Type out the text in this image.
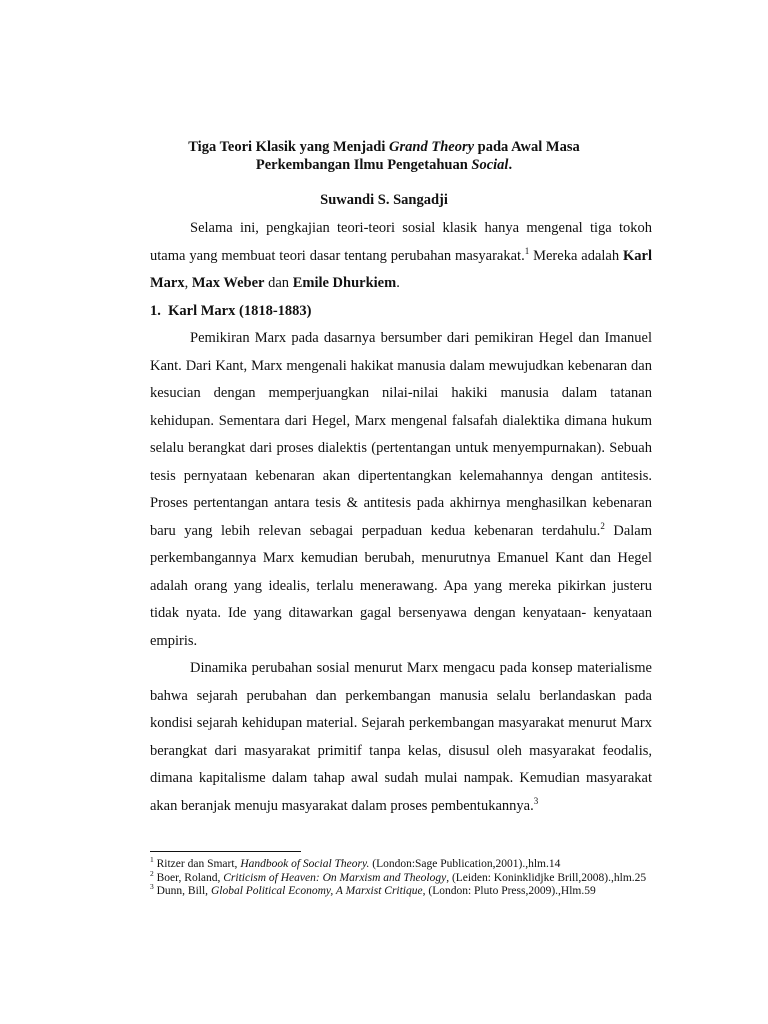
Tiga Teori Klasik yang Menjadi Grand Theory pada Awal Masa
Perkembangan Ilmu Pengetahuan Social.
Suwandi S. Sangadji

Selama ini, pengkajian teori-teori sosial klasik hanya mengenal tiga tokoh utama yang membuat teori dasar tentang perubahan masyarakat.$^1$ Mereka adalah Karl Marx, Max Weber dan Emile Dhurkiem.

1. Karl Marx (1818-1883)

Pemikiran Marx pada dasarnya bersumber dari pemikiran Hegel dan Imanuel Kant. Dari Kant, Marx mengenali hakikat manusia dalam mewujudkan kebenaran dan kesucian dengan memperjuangkan nilai-nilai hakiki manusia dalam tatanan kehidupan. Sementara dari Hegel, Marx mengenal falsafah dialektika dimana hukum selalu berangkat dari proses dialektis (pertentangan untuk menyempurnakan). Sebuah tesis pernyataan kebenaran akan dipertentangkan kelemahannya dengan antitesis. Proses pertentangan antara tesis & antitesis pada akhirnya menghasilkan kebenaran baru yang lebih relevan sebagai perpaduan kedua kebenaran terdahulu.$^2$ Dalam perkembangannya Marx kemudian berubah, menurutnya Emanuel Kant dan Hegel adalah orang yang idealis, terlalu menerawang. Apa yang mereka pikirkan justeru tidak nyata. Ide yang ditawarkan gagal bersenyawa dengan kenyataan- kenyataan empiris.

Dinamika perubahan sosial menurut Marx mengacu pada konsep materialisme bahwa sejarah perubahan dan perkembangan manusia selalu berlandaskan pada kondisi sejarah kehidupan material. Sejarah perkembangan masyarakat menurut Marx berangkat dari masyarakat primitif tanpa kelas, disusul oleh masyarakat feodalis, dimana kapitalisme dalam tahap awal sudah mulai nampak. Kemudian masyarakat akan beranjak menuju masyarakat dalam proses pembentukannya.$^3$

$^1$ Ritzer dan Smart, Handbook of Social Theory. (London:Sage Publication,2001).,hlm.14

$^2$ Boer, Roland, Criticism of Heaven: On Marxism and Theology, (Leiden: Koninklidjke Brill,2008).,hlm.25

$^3$ Dunn, Bill, Global Political Economy, A Marxist Critique, (London: Pluto Press,2009).,Hlm.59
